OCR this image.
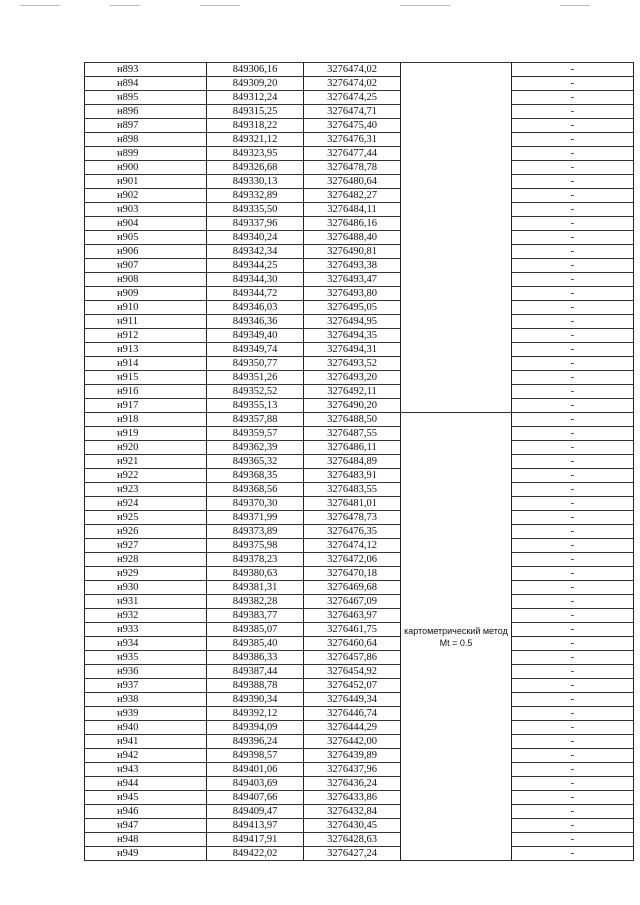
н893	849306,16	3276474,02		-
н894	849309,20	3276474,02		-
н895	849312,24	3276474,25		-
н896	849315,25	3276474,71		-
н897	849318,22	3276475,40		-
н898	849321,12	3276476,31		-
н899	849323,95	3276477,44		-
н900	849326,68	3276478,78		-
н901	849330,13	3276480,64		-
н902	849332,89	3276482,27		-
н903	849335,50	3276484,11		-
н904	849337,96	3276486,16		-
н905	849340,24	3276488,40		-
н906	849342,34	3276490,81		-
н907	849344,25	3276493,38		-
н908	849344,30	3276493,47		-
н909	849344,72	3276493,80		-
н910	849346,03	3276495,05		-
н911	849346,36	3276494,95		-
н912	849349,40	3276494,35		-
н913	849349,74	3276494,31		-
н914	849350,77	3276493,52		-
н915	849351,26	3276493,20		-
н916	849352,52	3276492,11		-
н917	849355,13	3276490,20		-
н918	849357,88	3276488,50	картометрический метод Mt = 0.5	-
н919	849359,57	3276487,55		-
н920	849362,39	3276486,11		-
н921	849365,32	3276484,89		-
н922	849368,35	3276483,91		-
н923	849368,56	3276483,55		-
н924	849370,30	3276481,01		-
н925	849371,99	3276478,73		-
н926	849373,89	3276476,35		-
н927	849375,98	3276474,12		-
н928	849378,23	3276472,06		-
н929	849380,63	3276470,18		-
н930	849381,31	3276469,68		-
н931	849382,28	3276467,09		-
н932	849383,77	3276463,97		-
н933	849385,07	3276461,75		-
н934	849385,40	3276460,64		-
н935	849386,33	3276457,86		-
н936	849387,44	3276454,92		-
н937	849388,78	3276452,07		-
н938	849390,34	3276449,34		-
н939	849392,12	3276446,74		-
н940	849394,09	3276444,29		-
н941	849396,24	3276442,00		-
н942	849398,57	3276439,89		-
н943	849401,06	3276437,96		-
н944	849403,69	3276436,24		-
н945	849407,66	3276433,86		-
н946	849409,47	3276432,84		-
н947	849413,97	3276430,45		-
н948	849417,91	3276428,63		-
н949	849422,02	3276427,24		-
